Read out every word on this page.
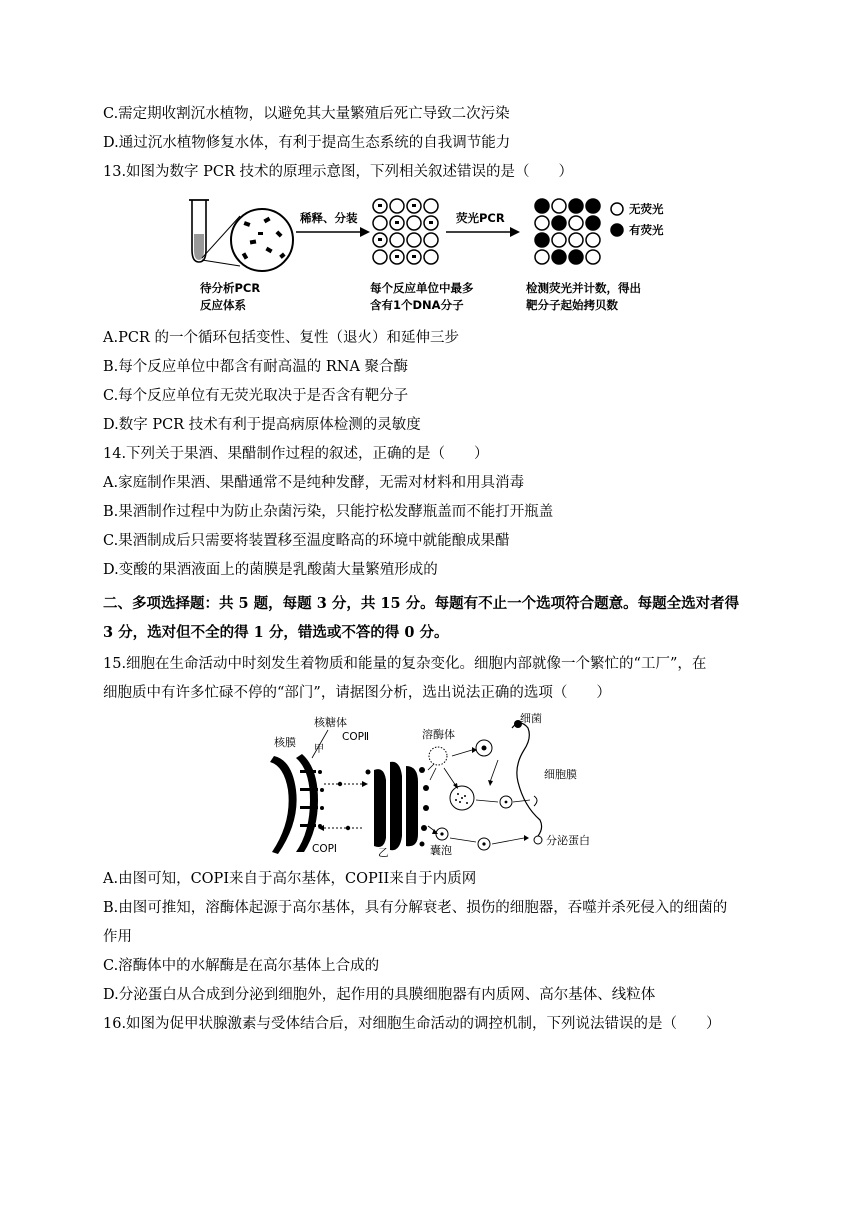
C.需定期收割沉水植物，以避免其大量繁殖后死亡导致二次污染
D.通过沉水植物修复水体，有利于提高生态系统的自我调节能力
13.如图为数字 PCR 技术的原理示意图，下列相关叙述错误的是（　　）
待分析PCR
反应体系
稀释、分装
每个反应单位中最多
含有1个DNA分子
荧光PCR
无荧光
有荧光
检测荧光并计数，得出
靶分子起始拷贝数
A.PCR 的一个循环包括变性、复性（退火）和延伸三步
B.每个反应单位中都含有耐高温的 RNA 聚合酶
C.每个反应单位有无荧光取决于是否含有靶分子
D.数字 PCR 技术有利于提高病原体检测的灵敏度
14.下列关于果酒、果醋制作过程的叙述，正确的是（　　）
A.家庭制作果酒、果醋通常不是纯种发酵，无需对材料和用具消毒
B.果酒制作过程中为防止杂菌污染，只能拧松发酵瓶盖而不能打开瓶盖
C.果酒制成后只需要将装置移至温度略高的环境中就能酿成果醋
D.变酸的果酒液面上的菌膜是乳酸菌大量繁殖形成的
二、多项选择题：共 5 题，每题 3 分，共 15 分。每题有不止一个选项符合题意。每题全选对者得
3 分，选对但不全的得 1 分，错选或不答的得 0 分。
15.细胞在生命活动中时刻发生着物质和能量的复杂变化。细胞内部就像一个繁忙的“工厂”，在
细胞质中有许多忙碌不停的“部门”，请据图分析，选出说法正确的选项（　　）
核膜
核糖体
甲
COPⅡ
COPⅠ	乙
溶酶体
细菌
细胞膜
囊泡
分泌蛋白
A.由图可知，COPI来自于高尔基体，COPII来自于内质网
B.由图可推知，溶酶体起源于高尔基体，具有分解衰老、损伤的细胞器，吞噬并杀死侵入的细菌的
作用
C.溶酶体中的水解酶是在高尔基体上合成的
D.分泌蛋白从合成到分泌到细胞外，起作用的具膜细胞器有内质网、高尔基体、线粒体
16.如图为促甲状腺激素与受体结合后，对细胞生命活动的调控机制，下列说法错误的是（　　）
